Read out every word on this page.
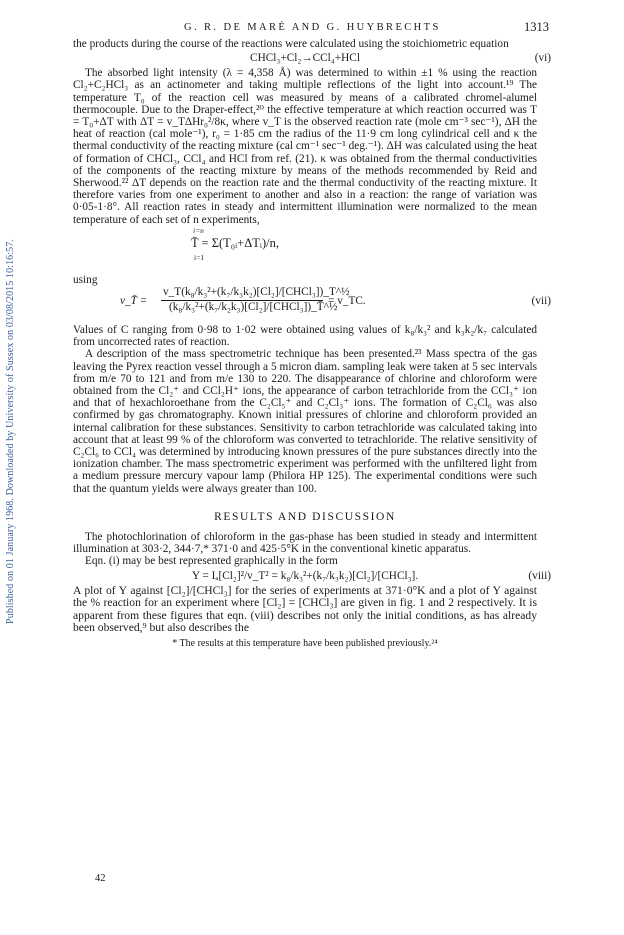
Published on 01 January 1968. Downloaded by University of Sussex on 03/08/2015 10:16:57.
G. R. DE MARÉ AND G. HUYBRECHTS	1313

the products during the course of the reactions were calculated using the stoichiometric equation

CHCl₃+Cl₂→CCl₄+HCl	(vi)

The absorbed light intensity (λ = 4,358 Å) was determined to within ±1 % using the reaction Cl₂+C₂HCl₃ as an actinometer and taking multiple reflections of the light into account.¹⁹ The temperature T₀ of the reaction cell was measured by means of a calibrated chromel-alumel thermocouple. Due to the Draper-effect,²⁰ the effective temperature at which reaction occurred was T = T₀+ΔT with ΔT = v_TΔHr₀²/8κ, where v_T is the observed reaction rate (mole cm⁻³ sec⁻¹), ΔH the heat of reaction (cal mole⁻¹), r₀ = 1·85 cm the radius of the 11·9 cm long cylindrical cell and κ the thermal conductivity of the reacting mixture (cal cm⁻¹ sec⁻¹ deg.⁻¹). ΔH was calculated using the heat of formation of CHCl₃, CCl₄ and HCl from ref. (21). κ was obtained from the thermal conductivities of the components of the reacting mixture by means of the methods recommended by Reid and Sherwood.²² ΔT depends on the reaction rate and the thermal conductivity of the reacting mixture. It therefore varies from one experiment to another and also in a reaction: the range of variation was 0·05-1·8°. All reaction rates in steady and intermittent illumination were normalized to the mean temperature of each set of n experiments,

i=n
T̄ = Σ(T₀ᵢ+ΔTᵢ)/n,
i=1

using

v_T̄ =
v_T(k₈/k₃²+(k₇/k₃k₂)[Cl₂]/[CHCl₃])_T^½
(k₈/k₃²+(k₇/k₂k₃)[Cl₂]/[CHCl₃])_T̄^½
= v_TC.	(vii)

Values of C ranging from 0·98 to 1·02 were obtained using values of k₈/k₃² and k₃k₂/k₇ calculated from uncorrected rates of reaction.

A description of the mass spectrometric technique has been presented.²³ Mass spectra of the gas leaving the Pyrex reaction vessel through a 5 micron diam. sampling leak were taken at 5 sec intervals from m/e 70 to 121 and from m/e 130 to 220. The disappearance of chlorine and chloroform were obtained from the Cl₂⁺ and CCl₂H⁺ ions, the appearance of carbon tetrachloride from the CCl₃⁺ ion and that of hexachloroethane from the C₂Cl₅⁺ and C₂Cl₃⁺ ions. The formation of C₂Cl₆ was also confirmed by gas chromatography. Known initial pressures of chlorine and chloroform provided an internal calibration for these substances. Sensitivity to carbon tetrachloride was calculated taking into account that at least 99 % of the chloroform was converted to tetrachloride. The relative sensitivity of C₂Cl₆ to CCl₄ was determined by introducing known pressures of the pure substances directly into the ionization chamber. The mass spectrometric experiment was performed with the unfiltered light from a medium pressure mercury vapour lamp (Philora HP 125). The experimental conditions were such that the quantum yields were always greater than 100.

RESULTS AND DISCUSSION

The photochlorination of chloroform in the gas-phase has been studied in steady and intermittent illumination at 303·2, 344·7,* 371·0 and 425·5°K in the conventional kinetic apparatus.

Eqn. (i) may be best represented graphically in the form

Y = Iₐ[Cl₂]²/v_T² = k₈/k₃²+(k₇/k₃k₂)[Cl₂]/[CHCl₃].	(viii)

A plot of Y against [Cl₂]/[CHCl₃] for the series of experiments at 371·0°K and a plot of Y against the % reaction for an experiment where [Cl₂] = [CHCl₃] are given in fig. 1 and 2 respectively. It is apparent from these figures that eqn. (viii) describes not only the initial conditions, as has already been observed,⁹ but also describes the

* The results at this temperature have been published previously.²⁴
42
